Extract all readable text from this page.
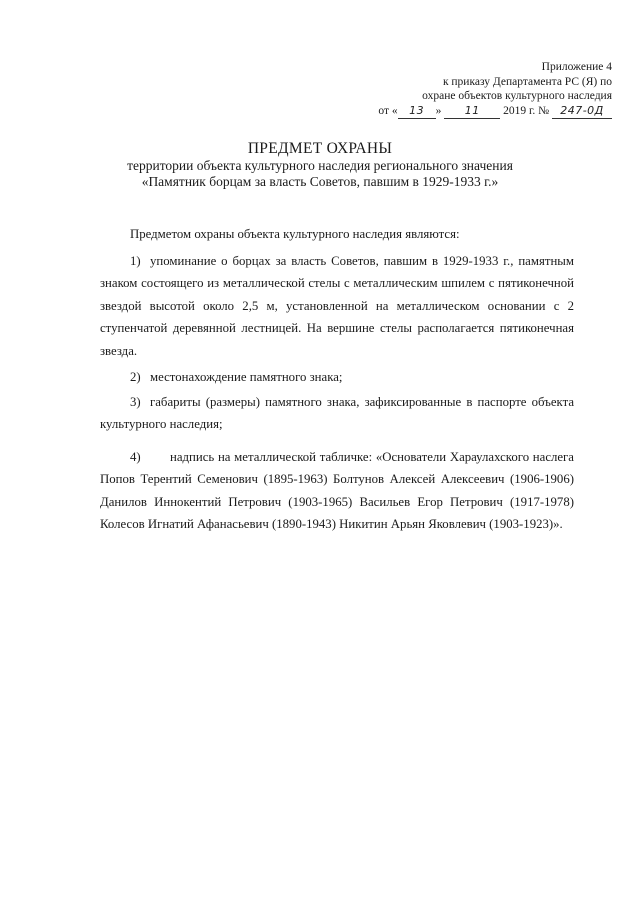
Приложение 4
к приказу Департамента РС (Я) по
охране объектов культурного наследия
от « 13 » 11 2019 г. № 247-0Д
ПРЕДМЕТ ОХРАНЫ
территории объекта культурного наследия регионального значения
«Памятник борцам за власть Советов, павшим в 1929-1933 г.»

Предметом охраны объекта культурного наследия являются:

1) упоминание о борцах за власть Советов, павшим в 1929-1933 г., памятным знаком состоящего из металлической стелы с металлическим шпилем с пятиконечной звездой высотой около 2,5 м, установленной на металлическом основании с 2 ступенчатой деревянной лестницей. На вершине стелы располагается пятиконечная звезда.

2) местонахождение памятного знака;

3) габариты (размеры) памятного знака, зафиксированные в паспорте объекта культурного наследия;

4) надпись на металлической табличке: «Основатели Хараулахского наслега Попов Терентий Семенович (1895-1963) Болтунов Алексей Алексеевич (1906-1906) Данилов Иннокентий Петрович (1903-1965) Васильев Егор Петрович (1917-1978) Колесов Игнатий Афанасьевич (1890-1943) Никитин Арьян Яковлевич (1903-1923)».
